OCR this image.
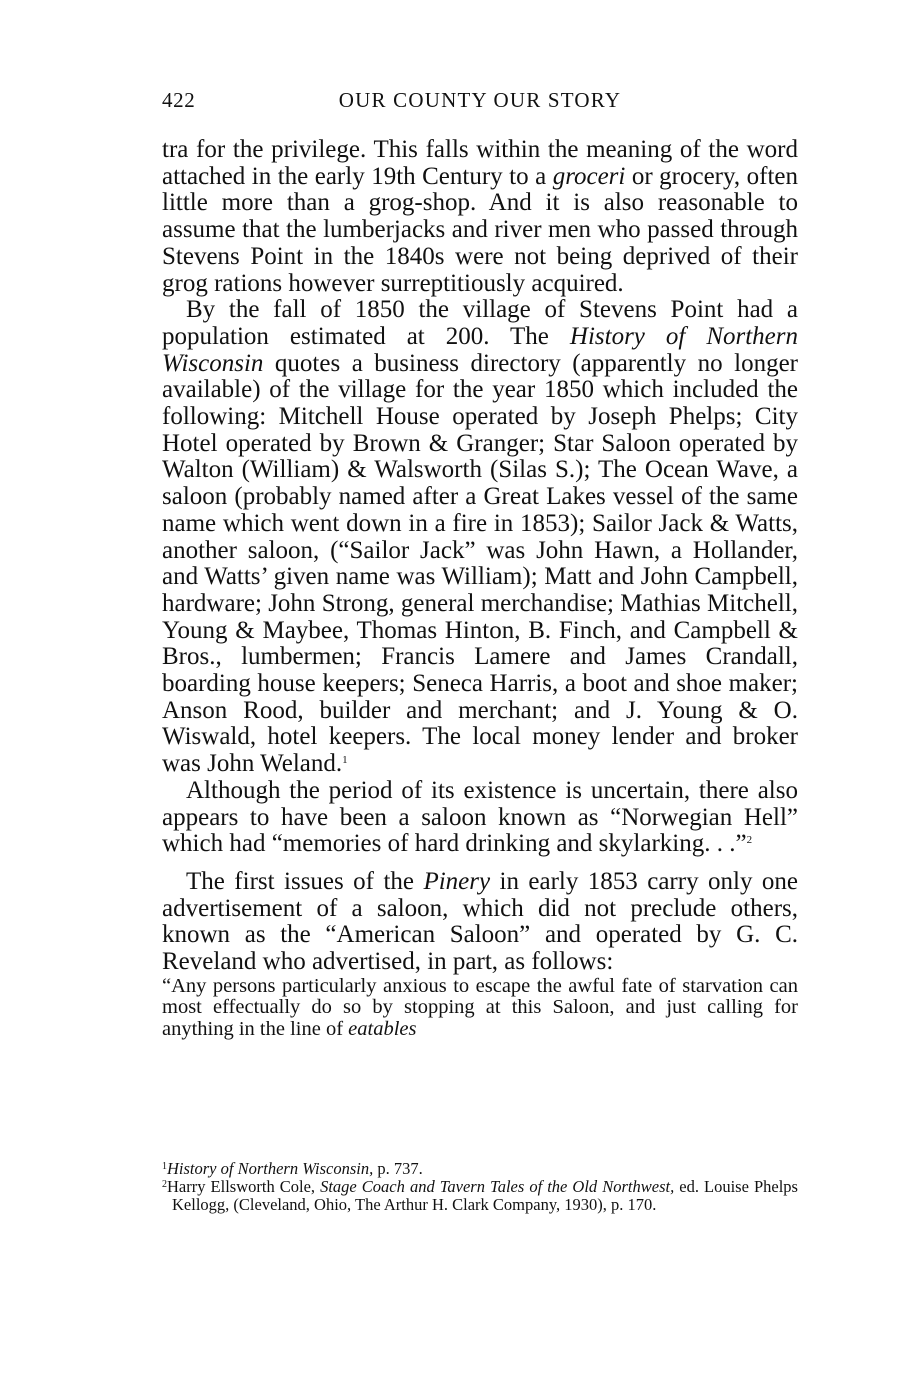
422	OUR COUNTY OUR STORY

tra for the privilege. This falls within the meaning of the word attached in the early 19th Century to a groceri or grocery, often little more than a grog-shop. And it is also reasonable to assume that the lumberjacks and river men who passed through Stevens Point in the 1840s were not being deprived of their grog rations however surreptitiously acquired.

By the fall of 1850 the village of Stevens Point had a population estimated at 200. The History of Northern Wisconsin quotes a business directory (apparently no longer available) of the village for the year 1850 which included the following: Mitchell House operated by Joseph Phelps; City Hotel operated by Brown & Granger; Star Saloon operated by Walton (William) & Walsworth (Silas S.); The Ocean Wave, a saloon (probably named after a Great Lakes vessel of the same name which went down in a fire in 1853); Sailor Jack & Watts, another saloon, (“Sailor Jack” was John Hawn, a Hollander, and Watts’ given name was William); Matt and John Campbell, hardware; John Strong, general merchandise; Mathias Mitchell, Young & Maybee, Thomas Hinton, B. Finch, and Campbell & Bros., lumbermen; Francis Lamere and James Crandall, boarding house keepers; Seneca Harris, a boot and shoe maker; Anson Rood, builder and merchant; and J. Young & O. Wiswald, hotel keepers. The local money lender and broker was John Weland.$^1$

Although the period of its existence is uncertain, there also appears to have been a saloon known as “Norwegian Hell” which had “memories of hard drinking and skylarking. . .”$^2$

The first issues of the Pinery in early 1853 carry only one advertisement of a saloon, which did not preclude others, known as the “American Saloon” and operated by G. C. Reveland who advertised, in part, as follows:

“Any persons particularly anxious to escape the awful fate of starvation can most effectually do so by stopping at this Saloon, and just calling for anything in the line of eatables

$^1$History of Northern Wisconsin, p. 737.

$^2$Harry Ellsworth Cole, Stage Coach and Tavern Tales of the Old Northwest, ed. Louise Phelps Kellogg, (Cleveland, Ohio, The Arthur H. Clark Company, 1930), p. 170.
